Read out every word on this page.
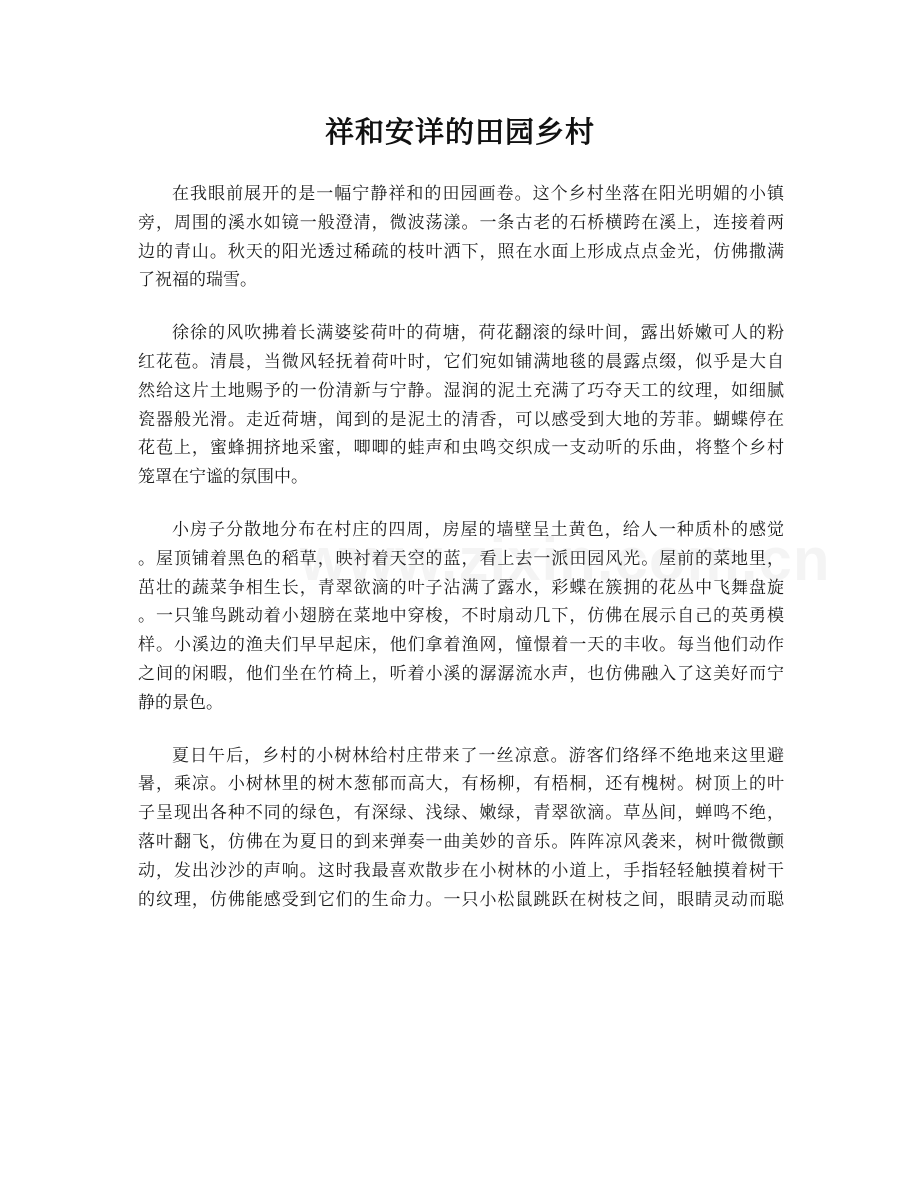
祥和安详的田园乡村

在我眼前展开的是一幅宁静祥和的田园画卷。这个乡村坐落在阳光明媚的小镇
旁，周围的溪水如镜一般澄清，微波荡漾。一条古老的石桥横跨在溪上，连接着两
边的青山。秋天的阳光透过稀疏的枝叶洒下，照在水面上形成点点金光，仿佛撒满
了祝福的瑞雪。

徐徐的风吹拂着长满婆娑荷叶的荷塘，荷花翻滚的绿叶间，露出娇嫩可人的粉
红花苞。清晨，当微风轻抚着荷叶时，它们宛如铺满地毯的晨露点缀，似乎是大自
然给这片土地赐予的一份清新与宁静。湿润的泥土充满了巧夺天工的纹理，如细腻
瓷器般光滑。走近荷塘，闻到的是泥土的清香，可以感受到大地的芳菲。蝴蝶停在
花苞上，蜜蜂拥挤地采蜜，唧唧的蛙声和虫鸣交织成一支动听的乐曲，将整个乡村
笼罩在宁谧的氛围中。

小房子分散地分布在村庄的四周，房屋的墙壁呈土黄色，给人一种质朴的感觉
。屋顶铺着黑色的稻草，映衬着天空的蓝，看上去一派田园风光。屋前的菜地里，
茁壮的蔬菜争相生长，青翠欲滴的叶子沾满了露水，彩蝶在簇拥的花丛中飞舞盘旋
。一只雏鸟跳动着小翅膀在菜地中穿梭，不时扇动几下，仿佛在展示自己的英勇模
样。小溪边的渔夫们早早起床，他们拿着渔网，憧憬着一天的丰收。每当他们动作
之间的闲暇，他们坐在竹椅上，听着小溪的潺潺流水声，也仿佛融入了这美好而宁
静的景色。

夏日午后，乡村的小树林给村庄带来了一丝凉意。游客们络绎不绝地来这里避
暑，乘凉。小树林里的树木葱郁而高大，有杨柳，有梧桐，还有槐树。树顶上的叶
子呈现出各种不同的绿色，有深绿、浅绿、嫩绿，青翠欲滴。草丛间，蝉鸣不绝，
落叶翻飞，仿佛在为夏日的到来弹奏一曲美妙的音乐。阵阵凉风袭来，树叶微微颤
动，发出沙沙的声响。这时我最喜欢散步在小树林的小道上，手指轻轻触摸着树干
的纹理，仿佛能感受到它们的生命力。一只小松鼠跳跃在树枝之间，眼睛灵动而聪
